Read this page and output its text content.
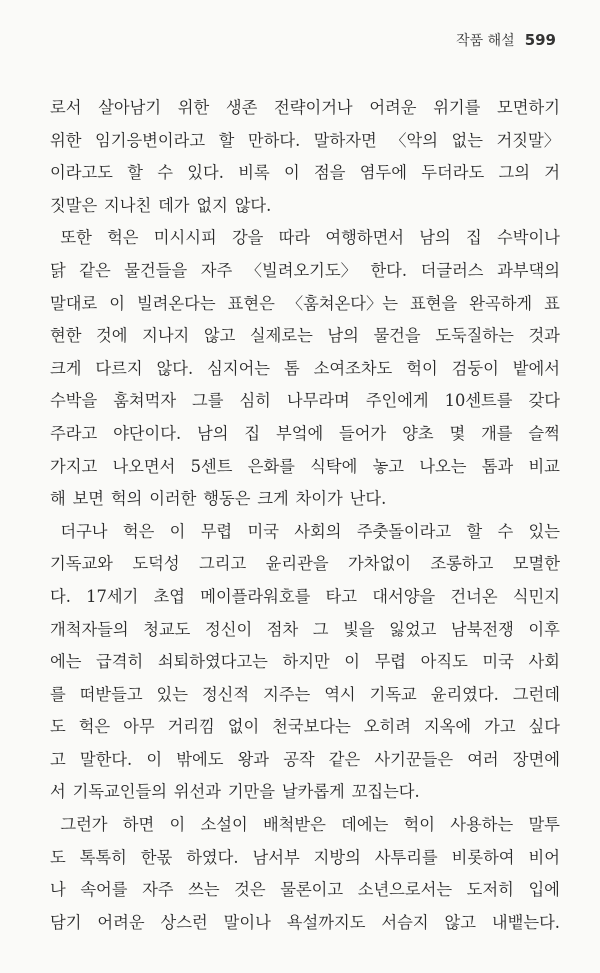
작품 해설 599
로서 살아남기 위한 생존 전략이거나 어려운 위기를 모면하기
위한 임기응변이라고 할 만하다. 말하자면 〈악의 없는 거짓말〉
이라고도 할 수 있다. 비록 이 점을 염두에 두더라도 그의 거
짓말은 지나친 데가 없지 않다.
또한 헉은 미시시피 강을 따라 여행하면서 남의 집 수박이나
닭 같은 물건들을 자주 〈빌려오기도〉 한다. 더글러스 과부댁의
말대로 이 빌려온다는 표현은 〈훔쳐온다〉는 표현을 완곡하게 표
현한 것에 지나지 않고 실제로는 남의 물건을 도둑질하는 것과
크게 다르지 않다. 심지어는 톰 소여조차도 헉이 검둥이 밭에서
수박을 훔쳐먹자 그를 심히 나무라며 주인에게 10센트를 갖다
주라고 야단이다. 남의 집 부엌에 들어가 양초 몇 개를 슬쩍
가지고 나오면서 5센트 은화를 식탁에 놓고 나오는 톰과 비교
해 보면 헉의 이러한 행동은 크게 차이가 난다.
더구나 헉은 이 무렵 미국 사회의 주춧돌이라고 할 수 있는
기독교와 도덕성 그리고 윤리관을 가차없이 조롱하고 모멸한
다. 17세기 초엽 메이플라워호를 타고 대서양을 건너온 식민지
개척자들의 청교도 정신이 점차 그 빛을 잃었고 남북전쟁 이후
에는 급격히 쇠퇴하였다고는 하지만 이 무렵 아직도 미국 사회
를 떠받들고 있는 정신적 지주는 역시 기독교 윤리였다. 그런데
도 헉은 아무 거리낌 없이 천국보다는 오히려 지옥에 가고 싶다
고 말한다. 이 밖에도 왕과 공작 같은 사기꾼들은 여러 장면에
서 기독교인들의 위선과 기만을 날카롭게 꼬집는다.
그런가 하면 이 소설이 배척받은 데에는 헉이 사용하는 말투
도 톡톡히 한몫 하였다. 남서부 지방의 사투리를 비롯하여 비어
나 속어를 자주 쓰는 것은 물론이고 소년으로서는 도저히 입에
담기 어려운 상스런 말이나 욕설까지도 서슴지 않고 내뱉는다.
